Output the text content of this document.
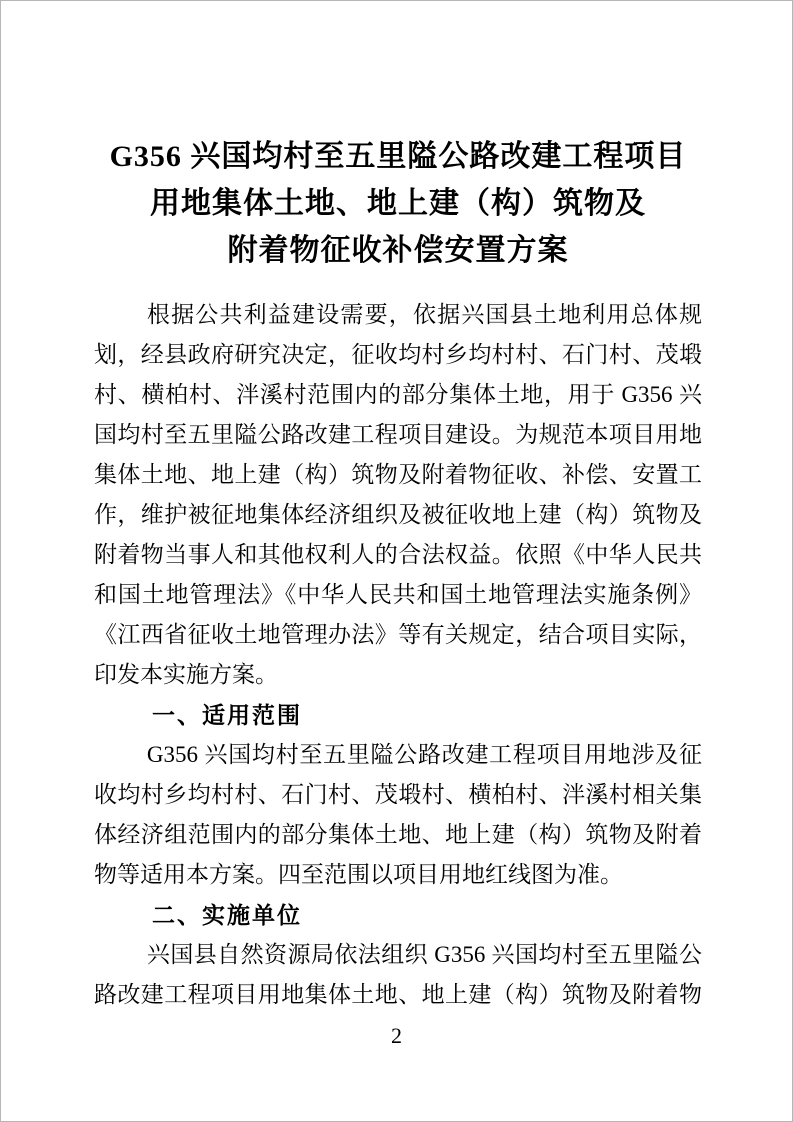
G356 兴国均村至五里隘公路改建工程项目
用地集体土地、地上建（构）筑物及
附着物征收补偿安置方案
根据公共利益建设需要，依据兴国县土地利用总体规
划，经县政府研究决定，征收均村乡均村村、石门村、茂塅
村、横柏村、泮溪村范围内的部分集体土地，用于 G356 兴
国均村至五里隘公路改建工程项目建设。为规范本项目用地
集体土地、地上建（构）筑物及附着物征收、补偿、安置工
作，维护被征地集体经济组织及被征收地上建（构）筑物及
附着物当事人和其他权利人的合法权益。依照《中华人民共
和国土地管理法》《中华人民共和国土地管理法实施条例》
《江西省征收土地管理办法》等有关规定，结合项目实际，
印发本实施方案。
一、适用范围
G356 兴国均村至五里隘公路改建工程项目用地涉及征
收均村乡均村村、石门村、茂塅村、横柏村、泮溪村相关集
体经济组范围内的部分集体土地、地上建（构）筑物及附着
物等适用本方案。四至范围以项目用地红线图为准。
二、实施单位
兴国县自然资源局依法组织 G356 兴国均村至五里隘公
路改建工程项目用地集体土地、地上建（构）筑物及附着物
2
